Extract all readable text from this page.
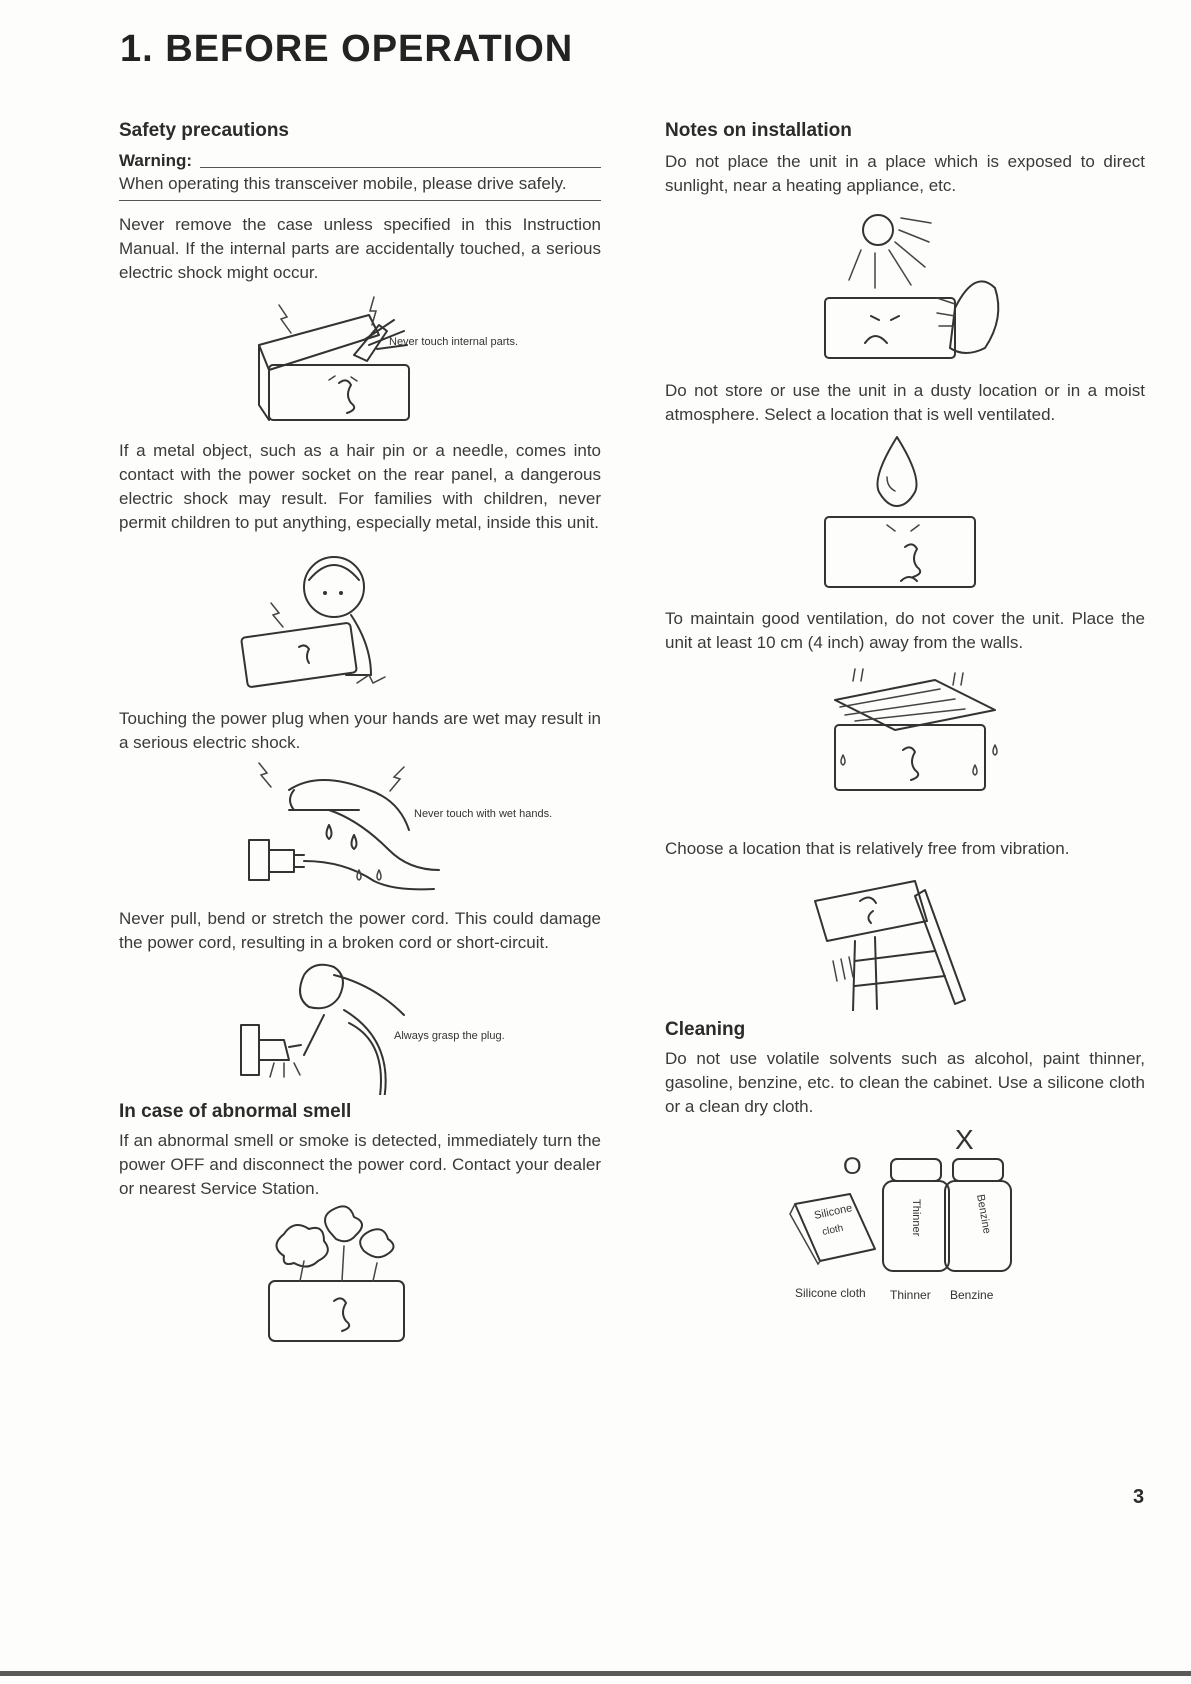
1. BEFORE OPERATION
Safety precautions
Warning:

When operating this transceiver mobile, please drive safely.

Never remove the case unless specified in this Instruction Manual. If the internal parts are accidentally touched, a serious electric shock might occur.

Never touch internal parts.

If a metal object, such as a hair pin or a needle, comes into contact with the power socket on the rear panel, a dangerous electric shock may result. For families with children, never permit children to put anything, especially metal, inside this unit.

Touching the power plug when your hands are wet may result in a serious electric shock.

Never touch with wet hands.

Never pull, bend or stretch the power cord. This could damage the power cord, resulting in a broken cord or short-circuit.

Always grasp the plug.
In case of abnormal smell

If an abnormal smell or smoke is detected, immediately turn the power OFF and disconnect the power cord. Contact your dealer or nearest Service Station.

Notes on installation

Do not place the unit in a place which is exposed to direct sunlight, near a heating appliance, etc.

Do not store or use the unit in a dusty location or in a moist atmosphere. Select a location that is well ventilated.

To maintain good ventilation, do not cover the unit. Place the unit at least 10 cm (4 inch) away from the walls.

Choose a location that is relatively free from vibration.

Cleaning

Do not use volatile solvents such as alcohol, paint thinner, gasoline, benzine, etc. to clean the cabinet. Use a silicone cloth or a clean dry cloth.

O
X
Silicone
cloth	Thinner	Benzine
Silicone cloth Thinner Benzine
3
